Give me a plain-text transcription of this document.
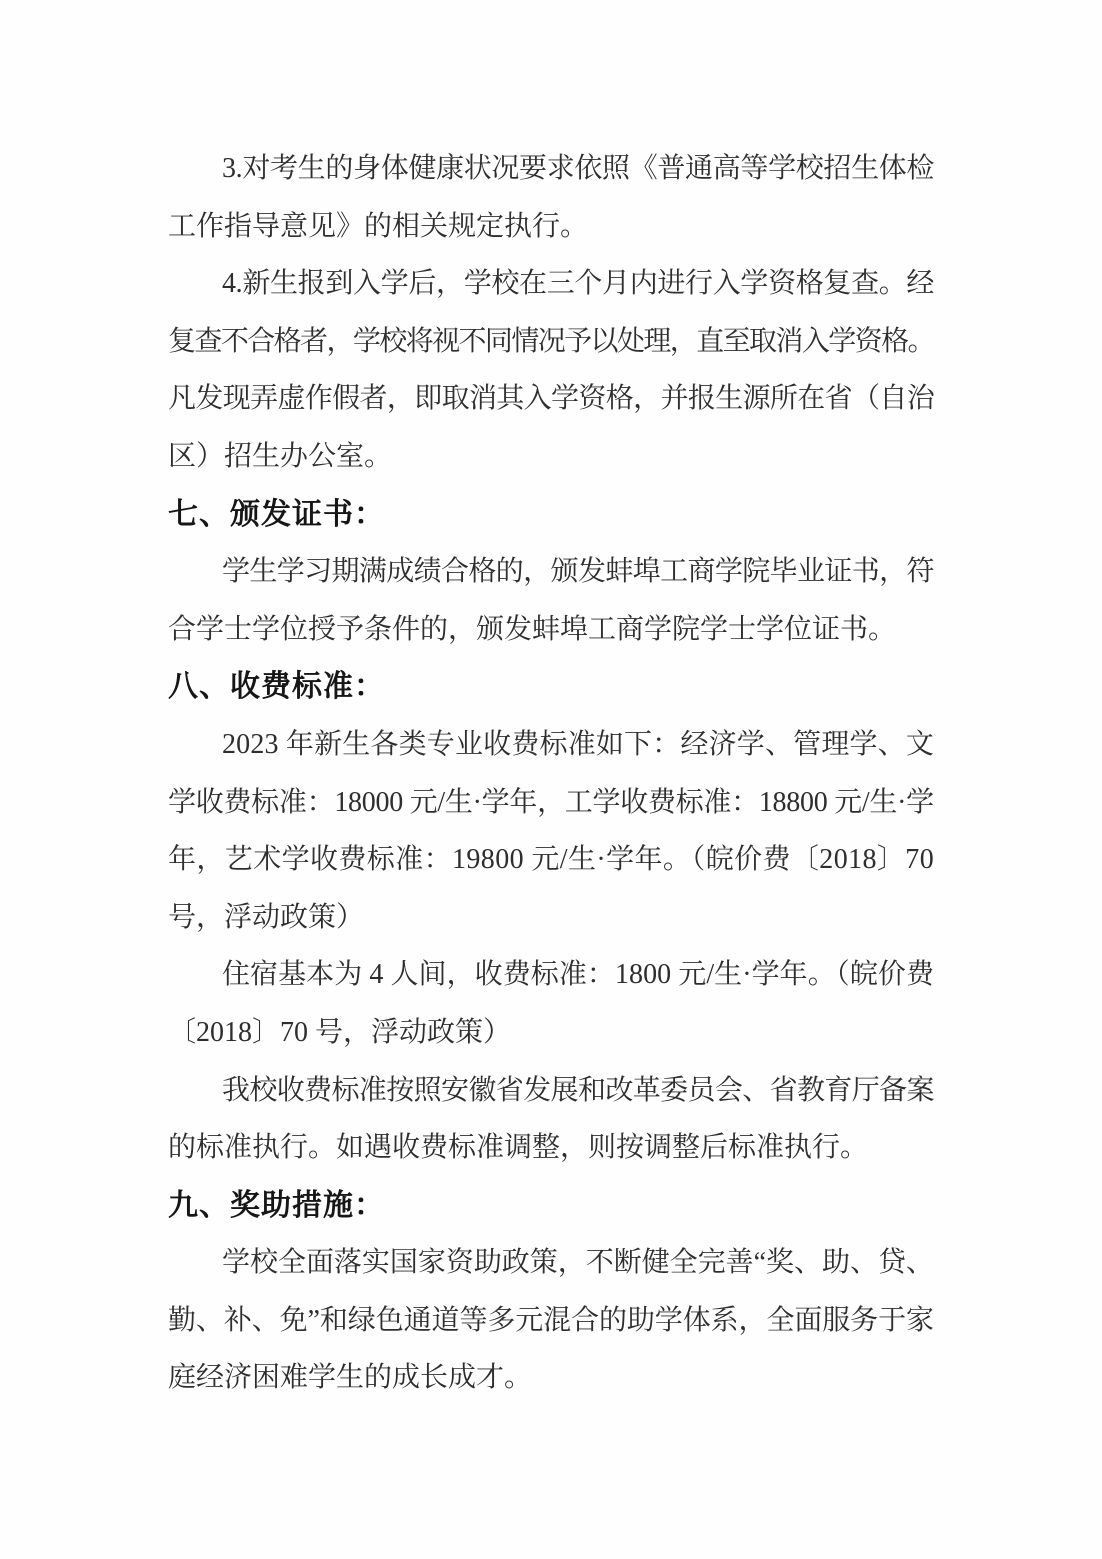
3.对考生的身体健康状况要求依照《普通高等学校招生体检
工作指导意见》的相关规定执行。
4.新生报到入学后，学校在三个月内进行入学资格复查。经
复查不合格者，学校将视不同情况予以处理，直至取消入学资格。
凡发现弄虚作假者，即取消其入学资格，并报生源所在省（自治
区）招生办公室。
七、颁发证书：
学生学习期满成绩合格的，颁发蚌埠工商学院毕业证书，符
合学士学位授予条件的，颁发蚌埠工商学院学士学位证书。
八、收费标准：
2023 年新生各类专业收费标准如下：经济学、管理学、文
学收费标准：18000 元/生·学年，工学收费标准：18800 元/生·学
年，艺术学收费标准：19800 元/生·学年。（皖价费〔2018〕70
号，浮动政策）
住宿基本为 4 人间，收费标准：1800 元/生·学年。（皖价费
〔2018〕70 号，浮动政策）
我校收费标准按照安徽省发展和改革委员会、省教育厅备案
的标准执行。如遇收费标准调整，则按调整后标准执行。
九、奖助措施：
学校全面落实国家资助政策，不断健全完善“奖、助、贷、
勤、补、免”和绿色通道等多元混合的助学体系，全面服务于家
庭经济困难学生的成长成才。
